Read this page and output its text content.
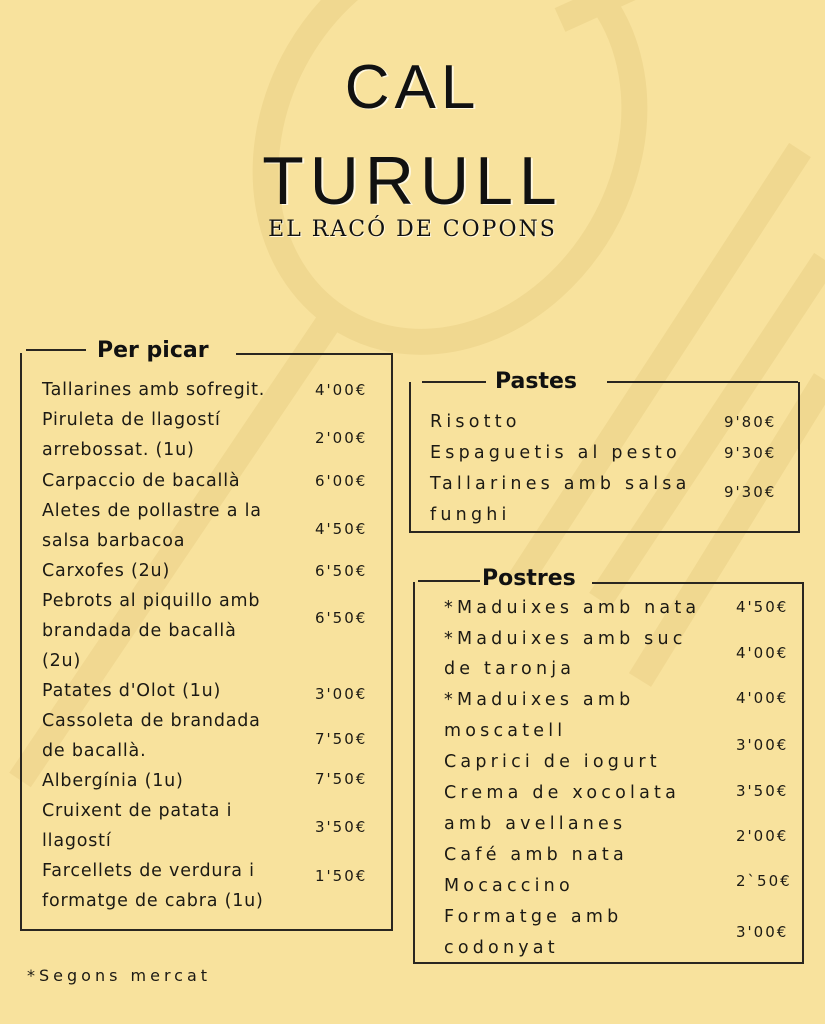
CAL
TURULL
EL RACÓ DE COPONS
Per picar
Tallarines amb sofregit.
Piruleta de llagostí
arrebossat. (1u)
Carpaccio de bacallà
Aletes de pollastre a la
salsa barbacoa
Carxofes (2u)
Pebrots al piquillo amb
brandada de bacallà
(2u)
Patates d'Olot (1u)
Cassoleta de brandada
de bacallà.
Albergínia (1u)
Cruixent de patata i
llagostí
Farcellets de verdura i
formatge de cabra (1u)
4'00€
2'00€
6'00€
4'50€
6'50€
6'50€
3'00€
7'50€
7'50€
3'50€
1'50€
Pastes
Risotto
Espaguetis al pesto
Tallarines amb salsa
funghi
9'80€
9'30€
9'30€
Postres
*Maduixes amb nata
*Maduixes amb suc
de taronja
*Maduixes amb
moscatell
Caprici de iogurt
Crema de xocolata
amb avellanes
Café amb nata
Mocaccino
Formatge amb
codonyat
4'50€
4'00€
4'00€
3'00€
3'50€
2'00€
2`50€
3'00€
*Segons mercat
